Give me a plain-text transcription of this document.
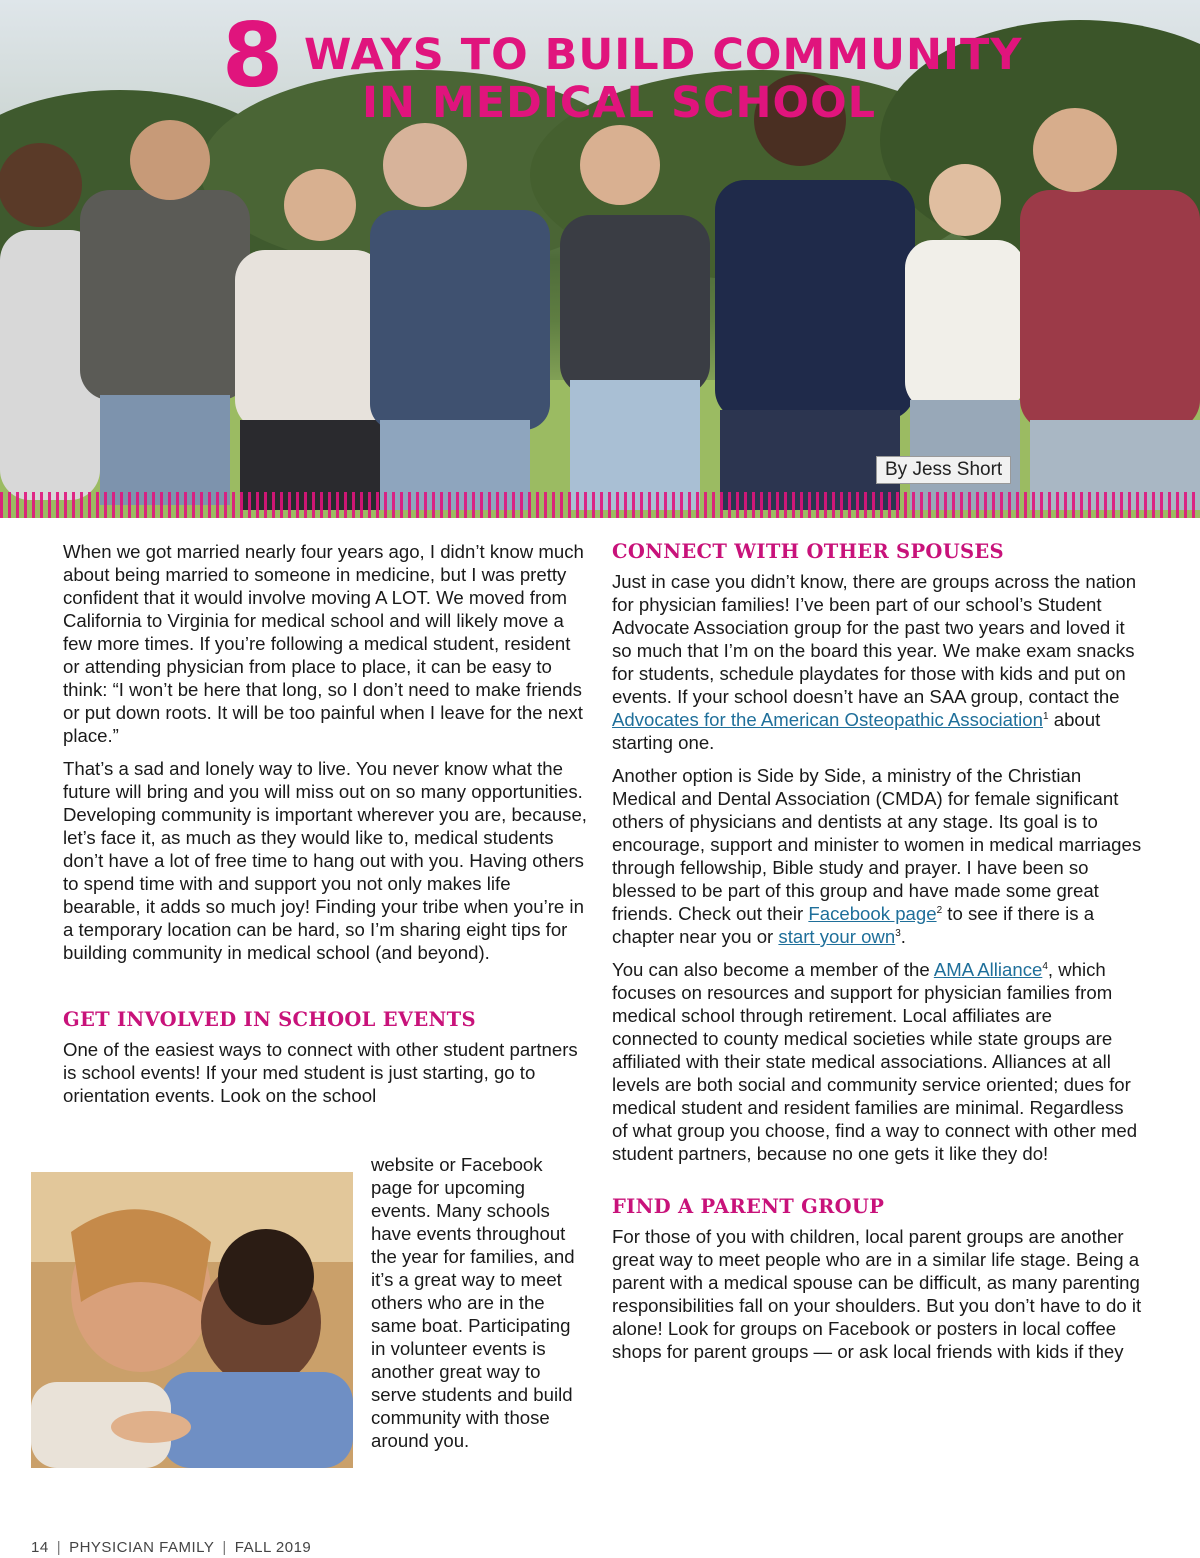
8 WAYS TO BUILD COMMUNITY
IN MEDICAL SCHOOL
By Jess Short

When we got married nearly four years ago, I didn’t know much about being married to someone in medicine, but I was pretty confident that it would involve moving A LOT. We moved from California to Virginia for medical school and will likely move a few more times. If you’re following a medical student, resident or attending physician from place to place, it can be easy to think: “I won’t be here that long, so I don’t need to make friends or put down roots. It will be too painful when I leave for the next place.”

That’s a sad and lonely way to live. You never know what the future will bring and you will miss out on so many opportunities. Developing community is important wherever you are, because, let’s face it, as much as they would like to, medical students don’t have a lot of free time to hang out with you. Having others to spend time with and support you not only makes life bearable, it adds so much joy! Finding your tribe when you’re in a temporary location can be hard, so I’m sharing eight tips for building community in medical school (and beyond).

GET INVOLVED IN SCHOOL EVENTS

One of the easiest ways to connect with other student partners is school events! If your med student is just starting, go to orientation events. Look on the school

website or Facebook page for upcoming events. Many schools have events throughout the year for families, and it’s a great way to meet others who are in the same boat. Participating in volunteer events is another great way to serve students and build community with those around you.
CONNECT WITH OTHER SPOUSES

Just in case you didn’t know, there are groups across the nation for physician families! I’ve been part of our school’s Student Advocate Association group for the past two years and loved it so much that I’m on the board this year. We make exam snacks for students, schedule playdates for those with kids and put on events. If your school doesn’t have an SAA group, contact the Advocates for the American Osteopathic Association$^1$ about starting one.

Another option is Side by Side, a ministry of the Christian Medical and Dental Association (CMDA) for female significant others of physicians and dentists at any stage. Its goal is to encourage, support and minister to women in medical marriages through fellowship, Bible study and prayer. I have been so blessed to be part of this group and have made some great friends. Check out their Facebook page$^2$ to see if there is a chapter near you or start your own$^3$.

You can also become a member of the AMA Alliance$^4$, which focuses on resources and support for physician families from medical school through retirement. Local affiliates are connected to county medical societies while state groups are affiliated with their state medical associations. Alliances at all levels are both social and community service oriented; dues for medical student and resident families are minimal. Regardless of what group you choose, find a way to connect with other med student partners, because no one gets it like they do!

FIND A PARENT GROUP

For those of you with children, local parent groups are another great way to meet people who are in a similar life stage. Being a parent with a medical spouse can be difficult, as many parenting responsibilities fall on your shoulders. But you don’t have to do it alone! Look for groups on Facebook or posters in local coffee shops for parent groups — or ask local friends with kids if they

14 | PHYSICIAN FAMILY | FALL 2019
